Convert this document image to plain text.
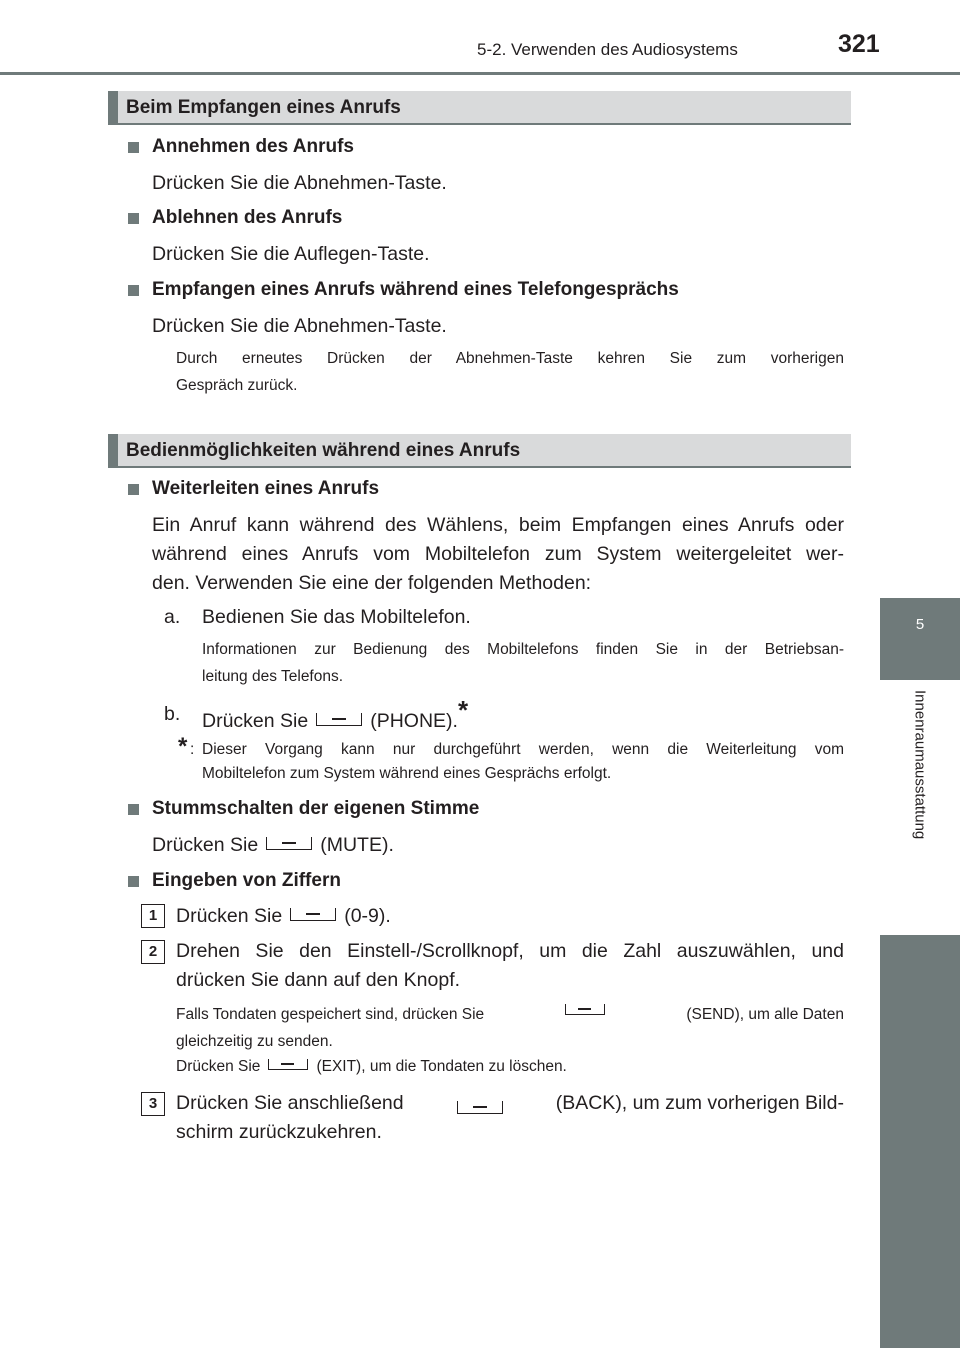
5-2. Verwenden des Audiosystems	321
5
Innenraumausstattung
Beim Empfangen eines Anrufs
Annehmen des Anrufs
Drücken Sie die Abnehmen-Taste.
Ablehnen des Anrufs
Drücken Sie die Auflegen-Taste.
Empfangen eines Anrufs während eines Telefongesprächs
Drücken Sie die Abnehmen-Taste.
Durch erneutes Drücken der Abnehmen-Taste kehren Sie zum vorherigen
Gespräch zurück.
Bedienmöglichkeiten während eines Anrufs
Weiterleiten eines Anrufs
Ein Anruf kann während des Wählens, beim Empfangen eines Anrufs oder
während eines Anrufs vom Mobiltelefon zum System weitergeleitet wer-
den. Verwenden Sie eine der folgenden Methoden:
a. Bedienen Sie das Mobiltelefon.
Informationen zur Bedienung des Mobiltelefons finden Sie in der Betriebsan-
leitung des Telefons.
b. Drücken Sie	(PHONE).*
* : Dieser Vorgang kann nur durchgeführt werden, wenn die Weiterleitung vom
Mobiltelefon zum System während eines Gesprächs erfolgt.
Stummschalten der eigenen Stimme
Drücken Sie	(MUTE).
Eingeben von Ziffern
1 Drücken Sie	(0-9).
2 Drehen Sie den Einstell-/Scrollknopf, um die Zahl auszuwählen, und
drücken Sie dann auf den Knopf.
Falls Tondaten gespeichert sind, drücken Sie	(SEND), um alle Daten
gleichzeitig zu senden.
Drücken Sie	(EXIT), um die Tondaten zu löschen.
3 Drücken Sie anschließend	(BACK), um zum vorherigen Bild-
schirm zurückzukehren.
